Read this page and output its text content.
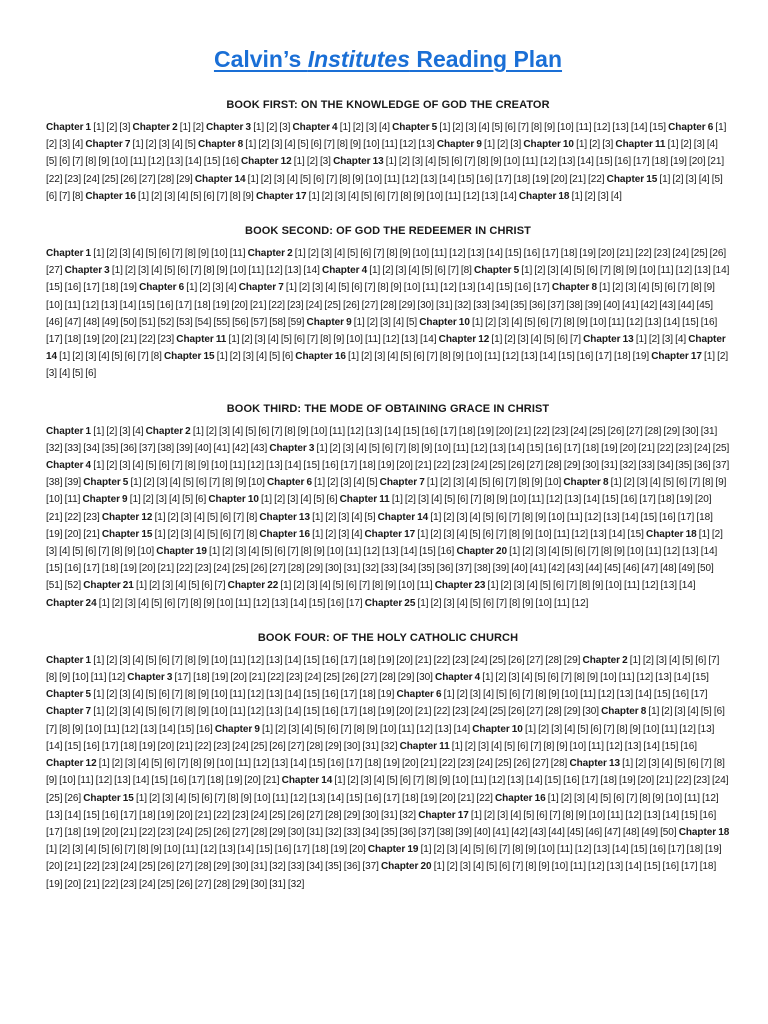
Calvin’s Institutes Reading Plan
BOOK FIRST: ON THE KNOWLEDGE OF GOD THE CREATOR

Chapter 1 [1] [2] [3] Chapter 2 [1] [2] Chapter 3 [1] [2] [3] Chapter 4 [1] [2] [3] [4] Chapter 5 [1] [2] [3] [4] [5] [6] [7] [8] [9] [10] [11] [12] [13] [14] [15] Chapter 6 [1] [2] [3] [4] Chapter 7 [1] [2] [3] [4] [5] Chapter 8 [1] [2] [3] [4] [5] [6] [7] [8] [9] [10] [11] [12] [13] Chapter 9 [1] [2] [3] Chapter 10 [1] [2] [3] Chapter 11 [1] [2] [3] [4] [5] [6] [7] [8] [9] [10] [11] [12] [13] [14] [15] [16] Chapter 12 [1] [2] [3] Chapter 13 [1] [2] [3] [4] [5] [6] [7] [8] [9] [10] [11] [12] [13] [14] [15] [16] [17] [18] [19] [20] [21] [22] [23] [24] [25] [26] [27] [28] [29] Chapter 14 [1] [2] [3] [4] [5] [6] [7] [8] [9] [10] [11] [12] [13] [14] [15] [16] [17] [18] [19] [20] [21] [22] Chapter 15 [1] [2] [3] [4] [5] [6] [7] [8] Chapter 16 [1] [2] [3] [4] [5] [6] [7] [8] [9] Chapter 17 [1] [2] [3] [4] [5] [6] [7] [8] [9] [10] [11] [12] [13] [14] Chapter 18 [1] [2] [3] [4]

BOOK SECOND: OF GOD THE REDEEMER IN CHRIST

Chapter 1 [1] [2] [3] [4] [5] [6] [7] [8] [9] [10] [11] Chapter 2 [1] [2] [3] [4] [5] [6] [7] [8] [9] [10] [11] [12] [13] [14] [15] [16] [17] [18] [19] [20] [21] [22] [23] [24] [25] [26] [27] Chapter 3 [1] [2] [3] [4] [5] [6] [7] [8] [9] [10] [11] [12] [13] [14] Chapter 4 [1] [2] [3] [4] [5] [6] [7] [8] Chapter 5 [1] [2] [3] [4] [5] [6] [7] [8] [9] [10] [11] [12] [13] [14] [15] [16] [17] [18] [19] Chapter 6 [1] [2] [3] [4] Chapter 7 [1] [2] [3] [4] [5] [6] [7] [8] [9] [10] [11] [12] [13] [14] [15] [16] [17] Chapter 8 [1] [2] [3] [4] [5] [6] [7] [8] [9] [10] [11] [12] [13] [14] [15] [16] [17] [18] [19] [20] [21] [22] [23] [24] [25] [26] [27] [28] [29] [30] [31] [32] [33] [34] [35] [36] [37] [38] [39] [40] [41] [42] [43] [44] [45] [46] [47] [48] [49] [50] [51] [52] [53] [54] [55] [56] [57] [58] [59] Chapter 9 [1] [2] [3] [4] [5] Chapter 10 [1] [2] [3] [4] [5] [6] [7] [8] [9] [10] [11] [12] [13] [14] [15] [16] [17] [18] [19] [20] [21] [22] [23] Chapter 11 [1] [2] [3] [4] [5] [6] [7] [8] [9] [10] [11] [12] [13] [14] Chapter 12 [1] [2] [3] [4] [5] [6] [7] Chapter 13 [1] [2] [3] [4] Chapter 14 [1] [2] [3] [4] [5] [6] [7] [8] Chapter 15 [1] [2] [3] [4] [5] [6] Chapter 16 [1] [2] [3] [4] [5] [6] [7] [8] [9] [10] [11] [12] [13] [14] [15] [16] [17] [18] [19] Chapter 17 [1] [2] [3] [4] [5] [6]

BOOK THIRD: THE MODE OF OBTAINING GRACE IN CHRIST

Chapter 1 [1] [2] [3] [4] Chapter 2 [1] [2] [3] [4] [5] [6] [7] [8] [9] [10] [11] [12] [13] [14] [15] [16] [17] [18] [19] [20] [21] [22] [23] [24] [25] [26] [27] [28] [29] [30] [31] [32] [33] [34] [35] [36] [37] [38] [39] [40] [41] [42] [43] Chapter 3 [1] [2] [3] [4] [5] [6] [7] [8] [9] [10] [11] [12] [13] [14] [15] [16] [17] [18] [19] [20] [21] [22] [23] [24] [25] Chapter 4 [1] [2] [3] [4] [5] [6] [7] [8] [9] [10] [11] [12] [13] [14] [15] [16] [17] [18] [19] [20] [21] [22] [23] [24] [25] [26] [27] [28] [29] [30] [31] [32] [33] [34] [35] [36] [37] [38] [39] Chapter 5 [1] [2] [3] [4] [5] [6] [7] [8] [9] [10] Chapter 6 [1] [2] [3] [4] [5] Chapter 7 [1] [2] [3] [4] [5] [6] [7] [8] [9] [10] Chapter 8 [1] [2] [3] [4] [5] [6] [7] [8] [9] [10] [11] Chapter 9 [1] [2] [3] [4] [5] [6] Chapter 10 [1] [2] [3] [4] [5] [6] Chapter 11 [1] [2] [3] [4] [5] [6] [7] [8] [9] [10] [11] [12] [13] [14] [15] [16] [17] [18] [19] [20] [21] [22] [23] Chapter 12 [1] [2] [3] [4] [5] [6] [7] [8] Chapter 13 [1] [2] [3] [4] [5] Chapter 14 [1] [2] [3] [4] [5] [6] [7] [8] [9] [10] [11] [12] [13] [14] [15] [16] [17] [18] [19] [20] [21] Chapter 15 [1] [2] [3] [4] [5] [6] [7] [8] Chapter 16 [1] [2] [3] [4] Chapter 17 [1] [2] [3] [4] [5] [6] [7] [8] [9] [10] [11] [12] [13] [14] [15] Chapter 18 [1] [2] [3] [4] [5] [6] [7] [8] [9] [10] Chapter 19 [1] [2] [3] [4] [5] [6] [7] [8] [9] [10] [11] [12] [13] [14] [15] [16] Chapter 20 [1] [2] [3] [4] [5] [6] [7] [8] [9] [10] [11] [12] [13] [14] [15] [16] [17] [18] [19] [20] [21] [22] [23] [24] [25] [26] [27] [28] [29] [30] [31] [32] [33] [34] [35] [36] [37] [38] [39] [40] [41] [42] [43] [44] [45] [46] [47] [48] [49] [50] [51] [52] Chapter 21 [1] [2] [3] [4] [5] [6] [7] Chapter 22 [1] [2] [3] [4] [5] [6] [7] [8] [9] [10] [11] Chapter 23 [1] [2] [3] [4] [5] [6] [7] [8] [9] [10] [11] [12] [13] [14] Chapter 24 [1] [2] [3] [4] [5] [6] [7] [8] [9] [10] [11] [12] [13] [14] [15] [16] [17] Chapter 25 [1] [2] [3] [4] [5] [6] [7] [8] [9] [10] [11] [12]

BOOK FOUR: OF THE HOLY CATHOLIC CHURCH

Chapter 1 [1] [2] [3] [4] [5] [6] [7] [8] [9] [10] [11] [12] [13] [14] [15] [16] [17] [18] [19] [20] [21] [22] [23] [24] [25] [26] [27] [28] [29] Chapter 2 [1] [2] [3] [4] [5] [6] [7] [8] [9] [10] [11] [12] Chapter 3 [17] [18] [19] [20] [21] [22] [23] [24] [25] [26] [27] [28] [29] [30] Chapter 4 [1] [2] [3] [4] [5] [6] [7] [8] [9] [10] [11] [12] [13] [14] [15] Chapter 5 [1] [2] [3] [4] [5] [6] [7] [8] [9] [10] [11] [12] [13] [14] [15] [16] [17] [18] [19] Chapter 6 [1] [2] [3] [4] [5] [6] [7] [8] [9] [10] [11] [12] [13] [14] [15] [16] [17] Chapter 7 [1] [2] [3] [4] [5] [6] [7] [8] [9] [10] [11] [12] [13] [14] [15] [16] [17] [18] [19] [20] [21] [22] [23] [24] [25] [26] [27] [28] [29] [30] Chapter 8 [1] [2] [3] [4] [5] [6] [7] [8] [9] [10] [11] [12] [13] [14] [15] [16] Chapter 9 [1] [2] [3] [4] [5] [6] [7] [8] [9] [10] [11] [12] [13] [14] Chapter 10 [1] [2] [3] [4] [5] [6] [7] [8] [9] [10] [11] [12] [13] [14] [15] [16] [17] [18] [19] [20] [21] [22] [23] [24] [25] [26] [27] [28] [29] [30] [31] [32] Chapter 11 [1] [2] [3] [4] [5] [6] [7] [8] [9] [10] [11] [12] [13] [14] [15] [16] Chapter 12 [1] [2] [3] [4] [5] [6] [7] [8] [9] [10] [11] [12] [13] [14] [15] [16] [17] [18] [19] [20] [21] [22] [23] [24] [25] [26] [27] [28] Chapter 13 [1] [2] [3] [4] [5] [6] [7] [8] [9] [10] [11] [12] [13] [14] [15] [16] [17] [18] [19] [20] [21] Chapter 14 [1] [2] [3] [4] [5] [6] [7] [8] [9] [10] [11] [12] [13] [14] [15] [16] [17] [18] [19] [20] [21] [22] [23] [24] [25] [26] Chapter 15 [1] [2] [3] [4] [5] [6] [7] [8] [9] [10] [11] [12] [13] [14] [15] [16] [17] [18] [19] [20] [21] [22] Chapter 16 [1] [2] [3] [4] [5] [6] [7] [8] [9] [10] [11] [12] [13] [14] [15] [16] [17] [18] [19] [20] [21] [22] [23] [24] [25] [26] [27] [28] [29] [30] [31] [32] Chapter 17 [1] [2] [3] [4] [5] [6] [7] [8] [9] [10] [11] [12] [13] [14] [15] [16] [17] [18] [19] [20] [21] [22] [23] [24] [25] [26] [27] [28] [29] [30] [31] [32] [33] [34] [35] [36] [37] [38] [39] [40] [41] [42] [43] [44] [45] [46] [47] [48] [49] [50] Chapter 18 [1] [2] [3] [4] [5] [6] [7] [8] [9] [10] [11] [12] [13] [14] [15] [16] [17] [18] [19] [20] Chapter 19 [1] [2] [3] [4] [5] [6] [7] [8] [9] [10] [11] [12] [13] [14] [15] [16] [17] [18] [19] [20] [21] [22] [23] [24] [25] [26] [27] [28] [29] [30] [31] [32] [33] [34] [35] [36] [37] Chapter 20 [1] [2] [3] [4] [5] [6] [7] [8] [9] [10] [11] [12] [13] [14] [15] [16] [17] [18] [19] [20] [21] [22] [23] [24] [25] [26] [27] [28] [29] [30] [31] [32]
